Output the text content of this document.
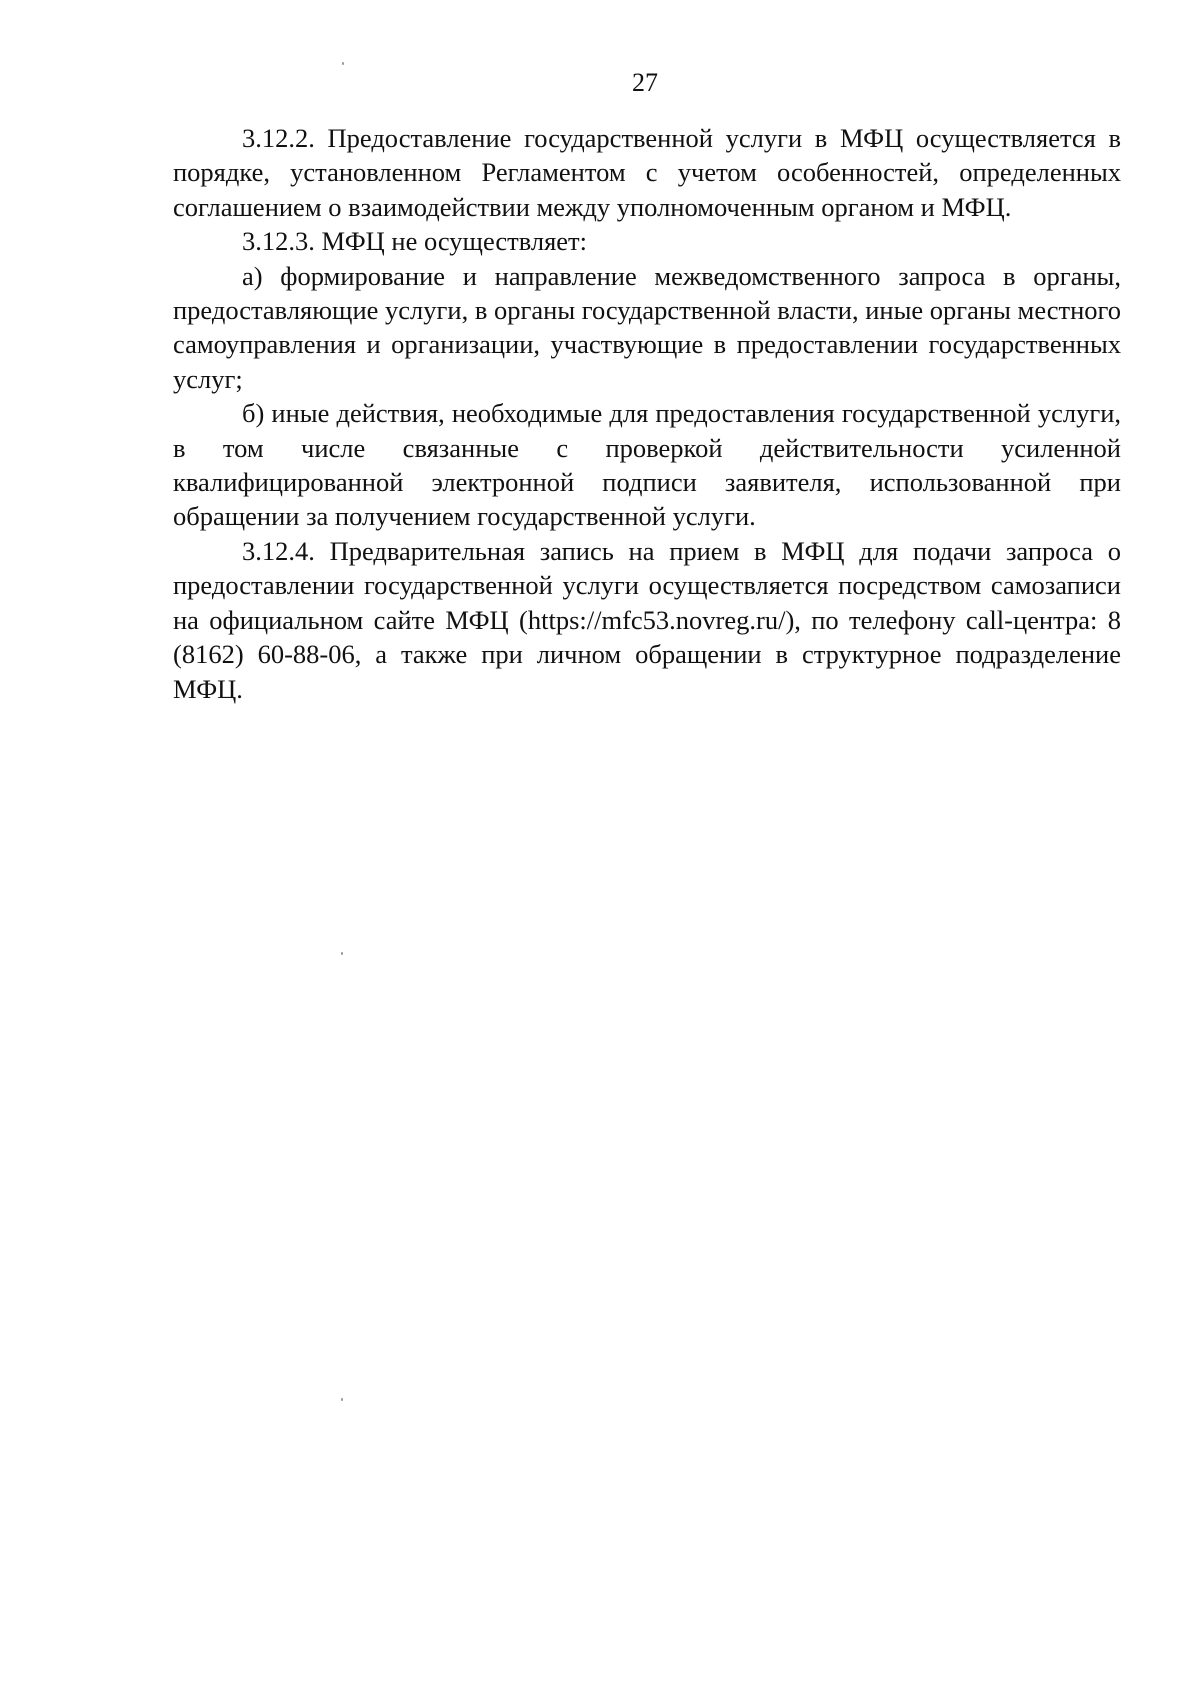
27

3.12.2. Предоставление государственной услуги в МФЦ осуществляется в порядке, установленном Регламентом с учетом особенностей, определенных соглашением о взаимодействии между уполномоченным органом и МФЦ.

3.12.3. МФЦ не осуществляет:

а) формирование и направление межведомственного запроса в органы, предоставляющие услуги, в органы государственной власти, иные органы местного самоуправления и организации, участвующие в предоставлении государственных услуг;

б) иные действия, необходимые для предоставления государственной услуги, в том числе связанные с проверкой действительности усиленной квалифицированной электронной подписи заявителя, использованной при обращении за получением государственной услуги.

3.12.4. Предварительная запись на прием в МФЦ для подачи запроса о предоставлении государственной услуги осуществляется посредством самозаписи на официальном сайте МФЦ (https://mfc53.novreg.ru/), по телефону call-центра: 8 (8162) 60-88-06, а также при личном обращении в структурное подразделение МФЦ.
